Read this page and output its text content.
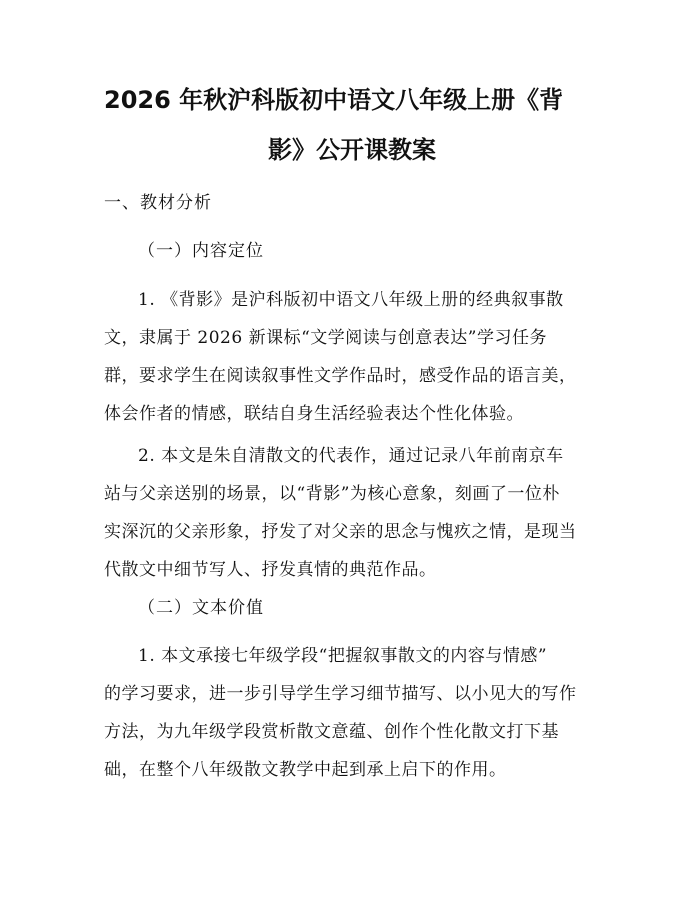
2026 年秋沪科版初中语文八年级上册《背
影》公开课教案
一、教材分析
（一）内容定位
1. 《背影》是沪科版初中语文八年级上册的经典叙事散
文，隶属于 2026 新课标“文学阅读与创意表达”学习任务
群，要求学生在阅读叙事性文学作品时，感受作品的语言美，
体会作者的情感，联结自身生活经验表达个性化体验。
2. 本文是朱自清散文的代表作，通过记录八年前南京车
站与父亲送别的场景，以“背影”为核心意象，刻画了一位朴
实深沉的父亲形象，抒发了对父亲的思念与愧疚之情，是现当
代散文中细节写人、抒发真情的典范作品。
（二）文本价值
1. 本文承接七年级学段“把握叙事散文的内容与情感”
的学习要求，进一步引导学生学习细节描写、以小见大的写作
方法，为九年级学段赏析散文意蕴、创作个性化散文打下基
础，在整个八年级散文教学中起到承上启下的作用。
